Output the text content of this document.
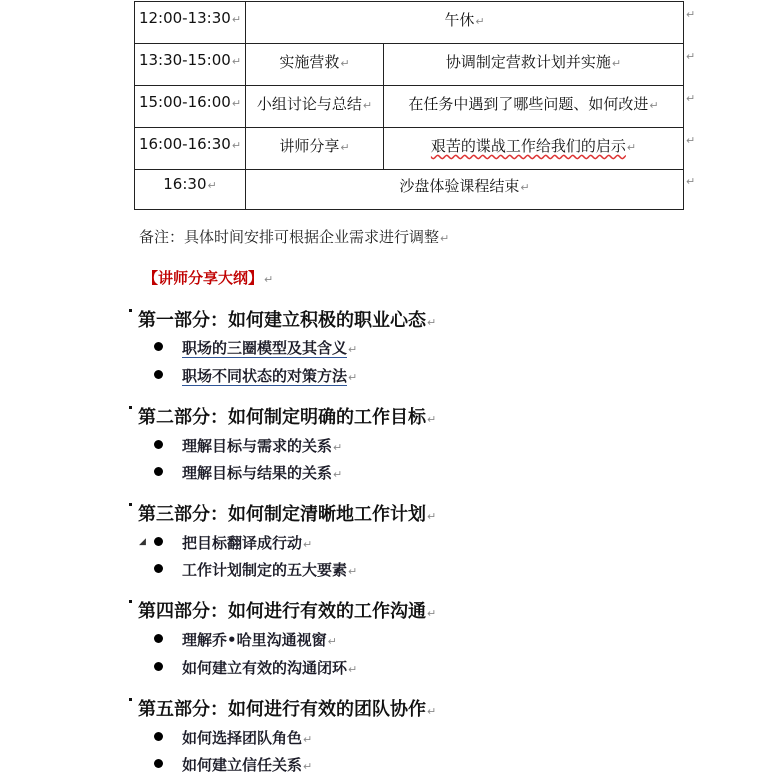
12:00-13:30↵	午休↵	
13:30-15:00↵	实施营救↵	协调制定营救计划并实施↵
15:00-16:00↵	小组讨论与总结↵	在任务中遇到了哪些问题、如何改进↵
16:00-16:30↵	讲师分享↵	艰苦的谍战工作给我们的启示↵
16:30↵	沙盘体验课程结束↵	
↵
↵
↵
↵
↵
备注：具体时间安排可根据企业需求进行调整↵
【讲师分享大纲】↵
第一部分：如何建立积极的职业心态↵
职场的三圈模型及其含义↵
职场不同状态的对策方法↵
第二部分：如何制定明确的工作目标↵
理解目标与需求的关系↵
理解目标与结果的关系↵
第三部分：如何制定清晰地工作计划↵
◢ 把目标翻译成行动↵
工作计划制定的五大要素↵
第四部分：如何进行有效的工作沟通↵
理解乔•哈里沟通视窗↵
如何建立有效的沟通闭环↵
第五部分：如何进行有效的团队协作↵
如何选择团队角色↵
如何建立信任关系↵
